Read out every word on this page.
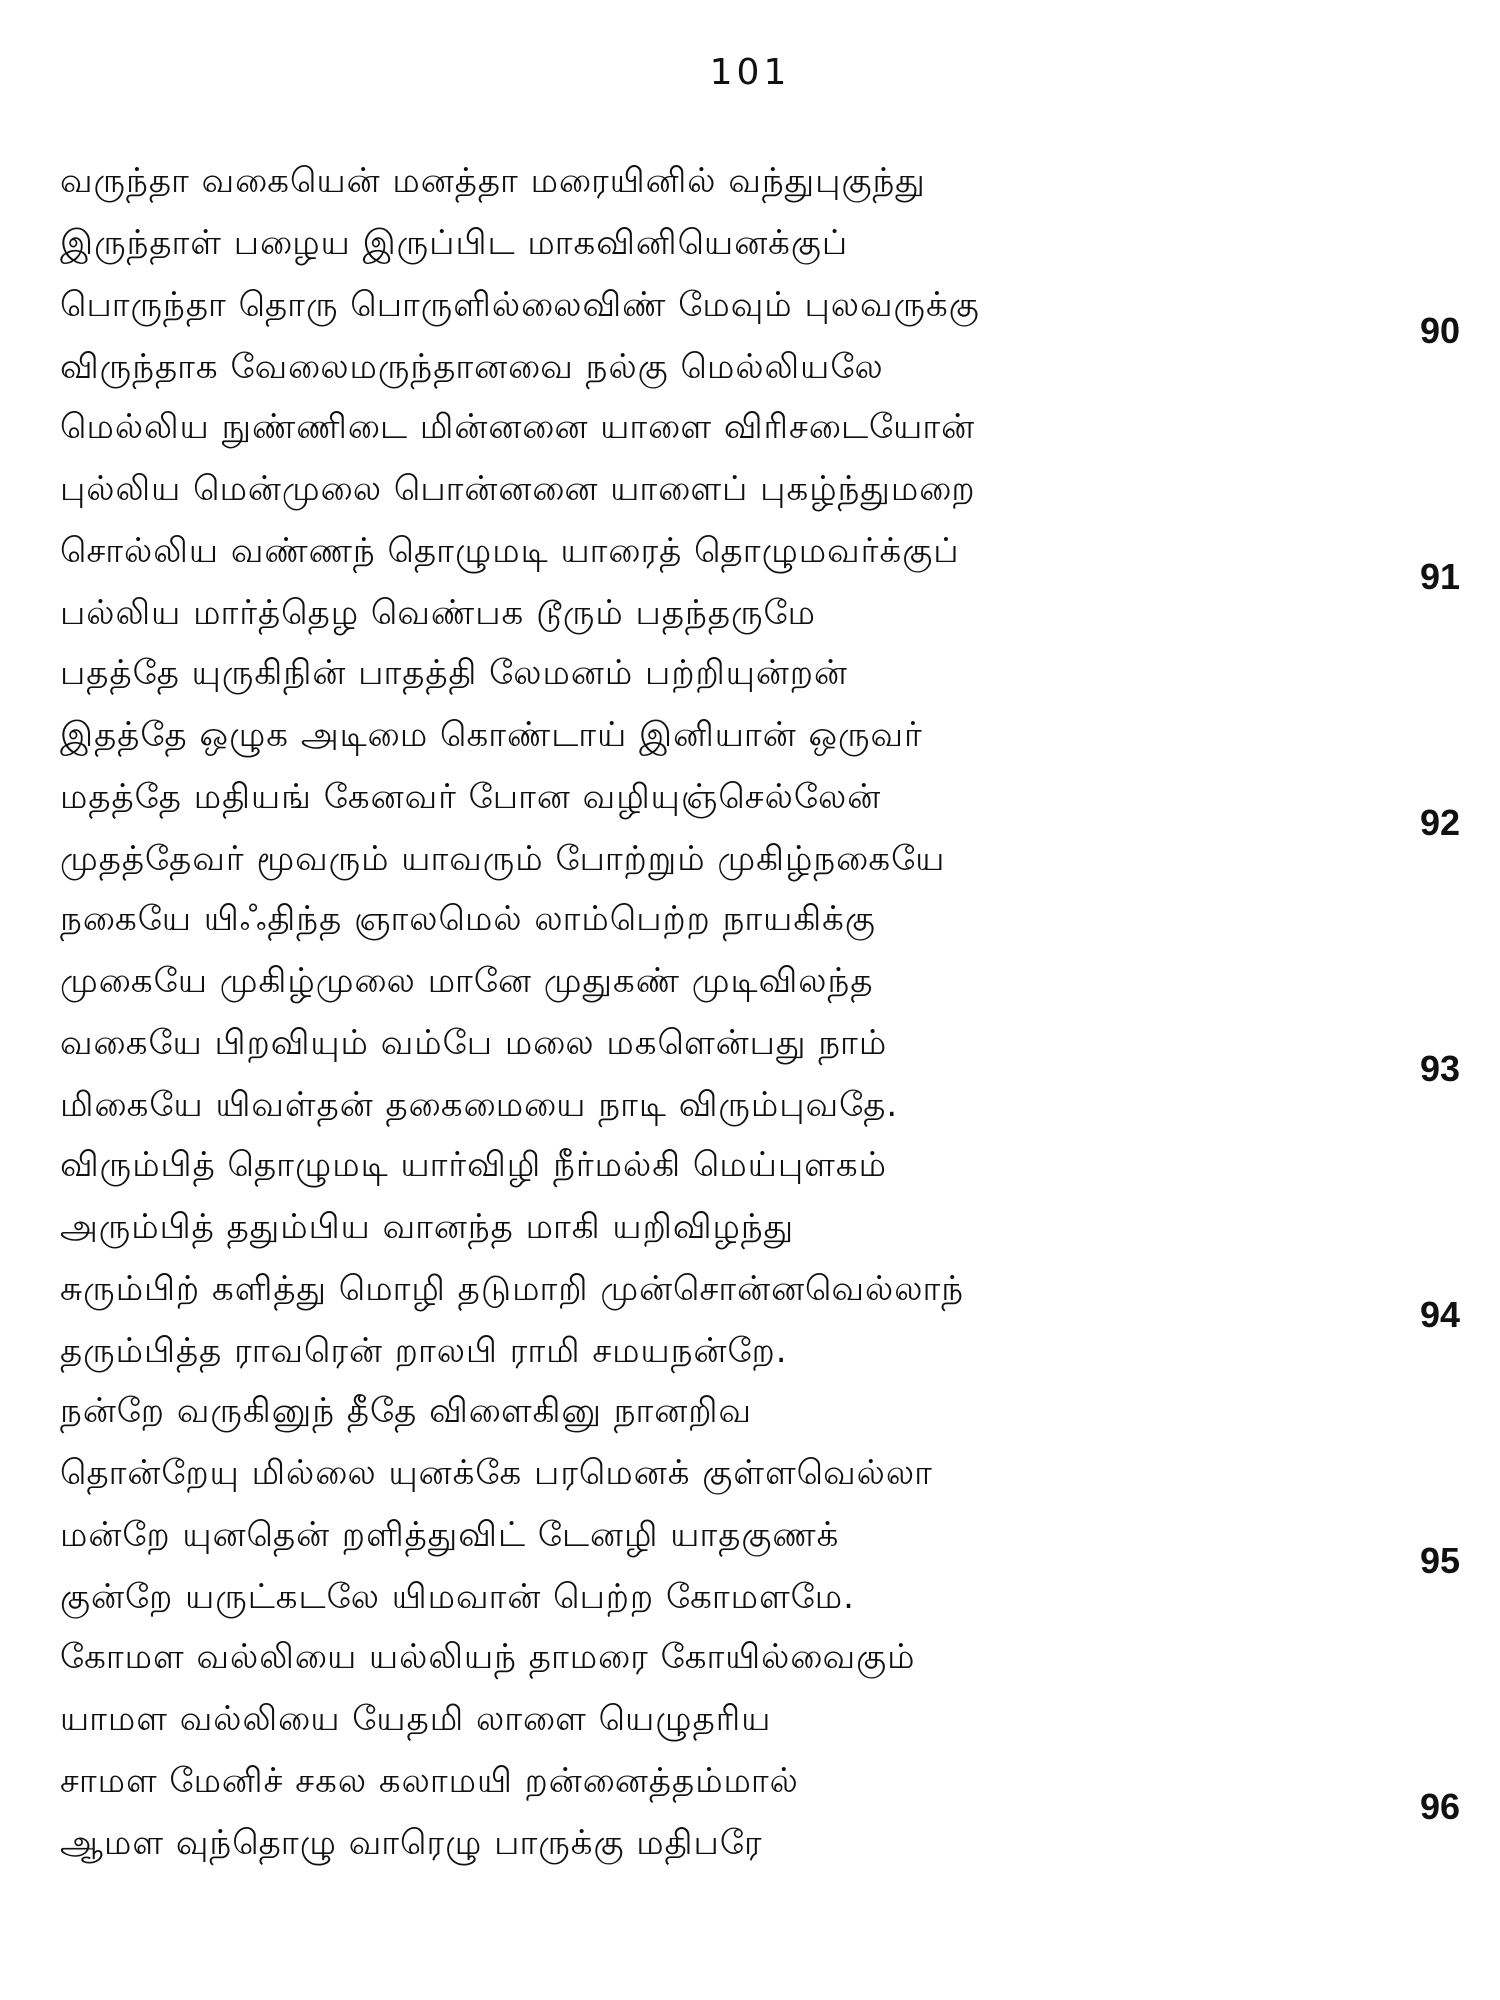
101
வருந்தா வகையென் மனத்தா மரையினில் வந்துபுகுந்து
இருந்தாள் பழைய இருப்பிட மாகவினியெனக்குப்
பொருந்தா தொரு பொருளில்லைவிண் மேவும் புலவருக்கு
விருந்தாக வேலைமருந்தானவை நல்கு மெல்லியலே
90
மெல்லிய நுண்ணிடை மின்னனை யாளை விரிசடையோன்
புல்லிய மென்முலை பொன்னனை யாளைப் புகழ்ந்துமறை
சொல்லிய வண்ணந் தொழுமடி யாரைத் தொழுமவர்க்குப்
பல்லிய மார்த்தெழ வெண்பக டூரும் பதந்தருமே
91
பதத்தே யுருகிநின் பாதத்தி லேமனம் பற்றியுன்றன்
இதத்தே ஒழுக அடிமை கொண்டாய் இனியான் ஒருவர்
மதத்தே மதியங் கேனவர் போன வழியுஞ்செல்லேன்
முதத்தேவர் மூவரும் யாவரும் போற்றும் முகிழ்நகையே
92
நகையே யிஃதிந்த ஞாலமெல் லாம்பெற்ற நாயகிக்கு
முகையே முகிழ்முலை மானே முதுகண் முடிவிலந்த
வகையே பிறவியும் வம்பே மலை மகளென்பது நாம்
மிகையே யிவள்தன் தகைமையை நாடி விரும்புவதே.
93
விரும்பித் தொழுமடி யார்விழி நீர்மல்கி மெய்புளகம்
அரும்பித் ததும்பிய வானந்த மாகி யறிவிழந்து
சுரும்பிற் களித்து மொழி தடுமாறி முன்சொன்னவெல்லாந்
தரும்பித்த ராவரென் றாலபி ராமி சமயநன்றே.
94
நன்றே வருகினுந் தீதே விளைகினு நானறிவ
தொன்றேயு மில்லை யுனக்கே பரமெனக் குள்ளவெல்லா
மன்றே யுனதென் றளித்துவிட் டேனழி யாதகுணக்
குன்றே யருட்கடலே யிமவான் பெற்ற கோமளமே.
95
கோமள வல்லியை யல்லியந் தாமரை கோயில்வைகும்
யாமள வல்லியை யேதமி லாளை யெழுதரிய
சாமள மேனிச் சகல கலாமயி றன்னைத்தம்மால்
ஆமள வுந்தொழு வாரெழு பாருக்கு மதிபரே
96
